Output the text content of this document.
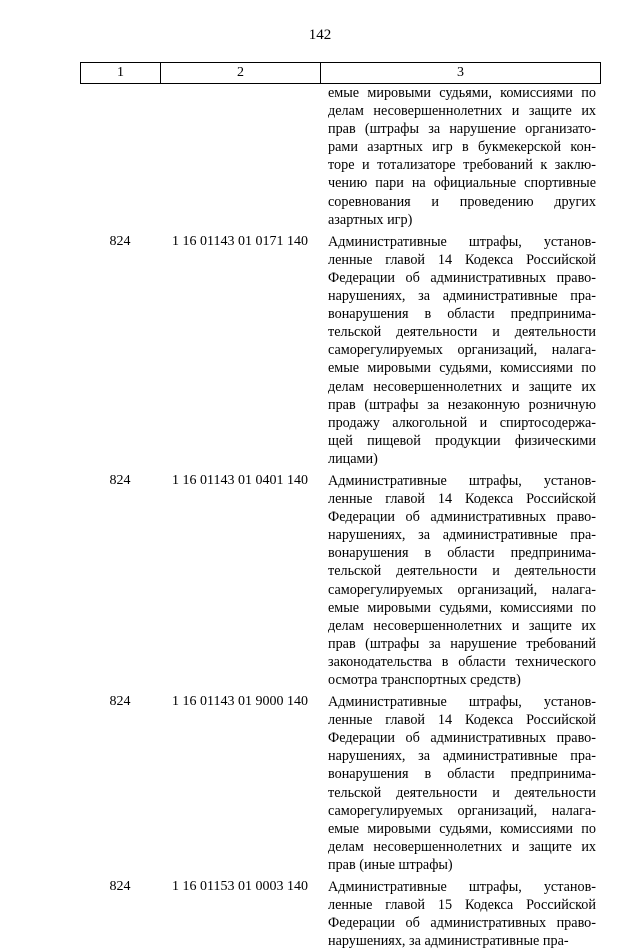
142
1	2	3
емые мировыми судьями, комиссиями по
делам несовершеннолетних и защите их
прав (штрафы за нарушение организато-
рами азартных игр в букмекерской кон-
торе и тотализаторе требований к заклю-
чению пари на официальные спортивные
соревнования и проведению других
азартных игр)
824	1 16 01143 01 0171 140	Административные штрафы, установ-
ленные главой 14 Кодекса Российской
Федерации об административных право-
нарушениях, за административные пра-
вонарушения в области предпринима-
тельской деятельности и деятельности
саморегулируемых организаций, налага-
емые мировыми судьями, комиссиями по
делам несовершеннолетних и защите их
прав (штрафы за незаконную розничную
продажу алкогольной и спиртосодержа-
щей пищевой продукции физическими
лицами)
824	1 16 01143 01 0401 140	Административные штрафы, установ-
ленные главой 14 Кодекса Российской
Федерации об административных право-
нарушениях, за административные пра-
вонарушения в области предпринима-
тельской деятельности и деятельности
саморегулируемых организаций, налага-
емые мировыми судьями, комиссиями по
делам несовершеннолетних и защите их
прав (штрафы за нарушение требований
законодательства в области технического
осмотра транспортных средств)
824	1 16 01143 01 9000 140	Административные штрафы, установ-
ленные главой 14 Кодекса Российской
Федерации об административных право-
нарушениях, за административные пра-
вонарушения в области предпринима-
тельской деятельности и деятельности
саморегулируемых организаций, налага-
емые мировыми судьями, комиссиями по
делам несовершеннолетних и защите их
прав (иные штрафы)
824	1 16 01153 01 0003 140	Административные штрафы, установ-
ленные главой 15 Кодекса Российской
Федерации об административных право-
нарушениях, за административные пра-
